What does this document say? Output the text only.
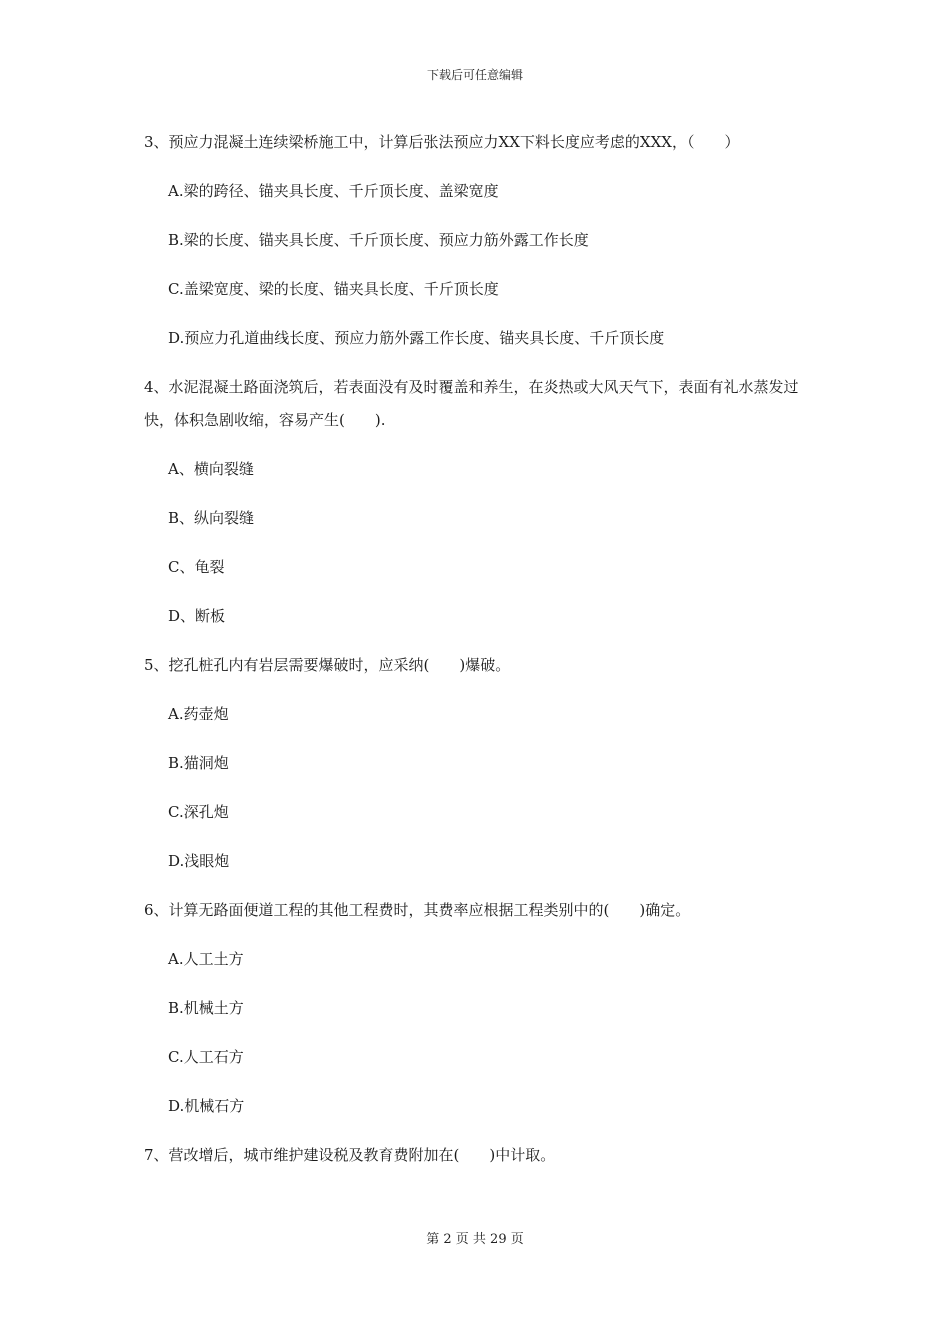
下载后可任意编辑
3、预应力混凝土连续梁桥施工中，计算后张法预应力XX下料长度应考虑的XXX，（　　）
A.梁的跨径、锚夹具长度、千斤顶长度、盖梁宽度
B.梁的长度、锚夹具长度、千斤顶长度、预应力筋外露工作长度
C.盖梁宽度、梁的长度、锚夹具长度、千斤顶长度
D.预应力孔道曲线长度、预应力筋外露工作长度、锚夹具长度、千斤顶长度
4、水泥混凝土路面浇筑后，若表面没有及时覆盖和养生，在炎热或大风天气下，表面有礼水蒸发过快，体积急剧收缩，容易产生(　　).
A、横向裂缝
B、纵向裂缝
C、龟裂
D、断板
5、挖孔桩孔内有岩层需要爆破时，应采纳(　　)爆破。
A.药壶炮
B.猫洞炮
C.深孔炮
D.浅眼炮
6、计算无路面便道工程的其他工程费时，其费率应根据工程类别中的(　　)确定。
A.人工土方
B.机械土方
C.人工石方
D.机械石方
7、营改增后，城市维护建设税及教育费附加在(　　)中计取。
第 2 页 共 29 页
